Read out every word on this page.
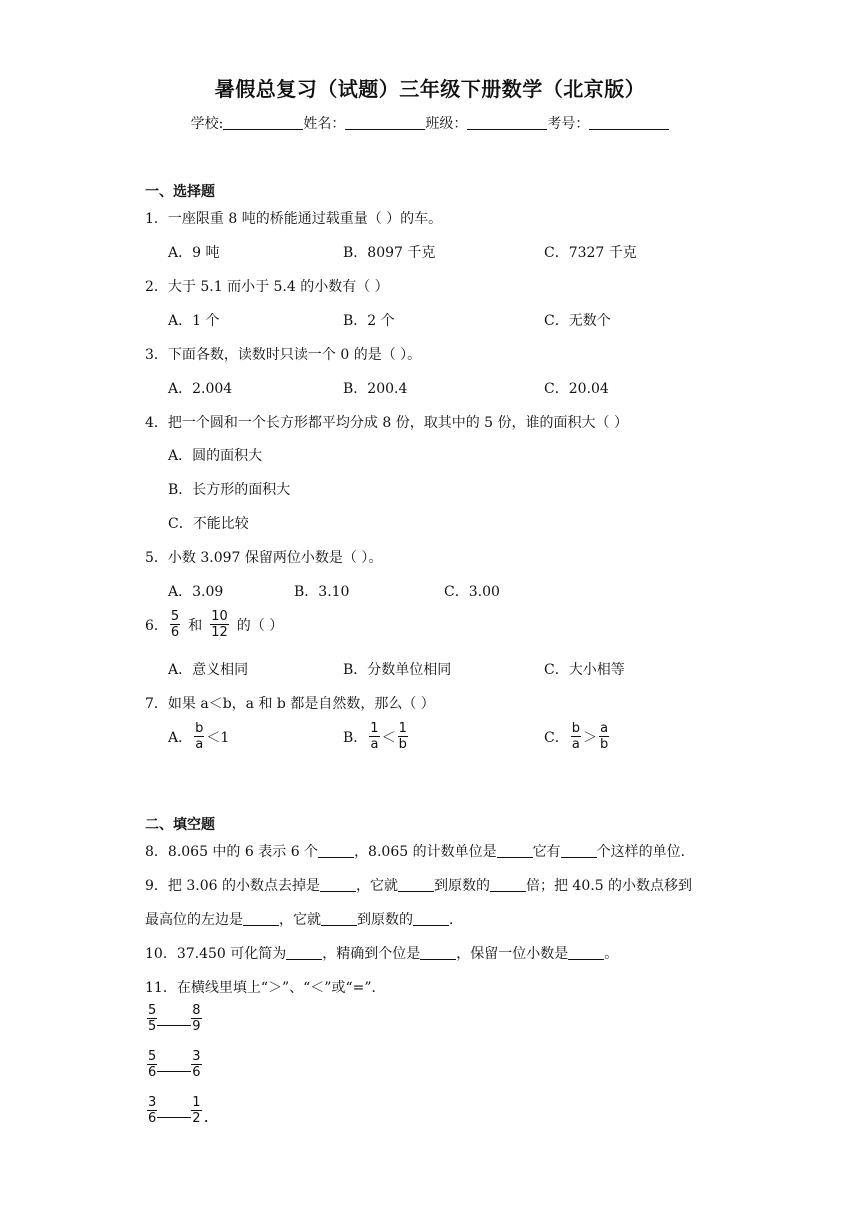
暑假总复习（试题）三年级下册数学（北京版）
学校:	姓名：	班级：	考号：
一、选择题
1．一座限重 8 吨的桥能通过载重量（ ）的车。
A．9 吨	B．8097 千克	C．7327 千克
2．大于 5.1 而小于 5.4 的小数有（ ）
A．1 个	B．2 个	C．无数个
3．下面各数，读数时只读一个 0 的是（ ）。
A．2.004	B．200.4	C．20.04
4．把一个圆和一个长方形都平均分成 8 份，取其中的 5 份，谁的面积大（ ）
A．圆的面积大
B．长方形的面积大
C．不能比较
5．小数 3.097 保留两位小数是（ ）。
A．3.09	B．3.10	C．3.00
6． $\frac{5}{6}$ 和 $\frac{10}{12}$ 的（ ）
A．意义相同	B．分数单位相同	C．大小相等
7．如果 a＜b，a 和 b 都是自然数，那么（ ）
A． $\frac{b}{a} <1$	B． $\frac{1}{a} < \frac{1}{b}$	C． $\frac{b}{a} > \frac{a}{b}$
二、填空题
8．8.065 中的 6 表示 6 个	，8.065 的计数单位是	它有	个这样的单位．
9．把 3.06 的小数点去掉是	，它就	到原数的	倍；把 40.5 的小数点移到
最高位的左边是	，它就	到原数的	．
10．37.450 可化简为	，精确到个位是	，保留一位小数是	。
11．在横线里填上“＞”、“＜”或“=”．
$\frac{5}{5}$	$\frac{8}{9}$
$\frac{5}{6}$	$\frac{3}{6}$
$\frac{3}{6}$	$\frac{1}{2}$ .
